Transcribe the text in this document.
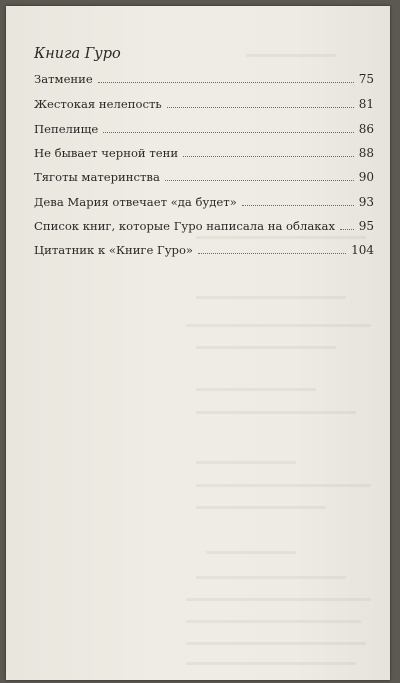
Книга Гуро
Затмение	75
Жестокая нелепость	81
Пепелище	86
Не бывает черной тени	88
Тяготы материнства	90
Дева Мария отвечает «да будет»	93
Список книг, которые Гуро написала на облаках 95
Цитатник к «Книге Гуро»	104
